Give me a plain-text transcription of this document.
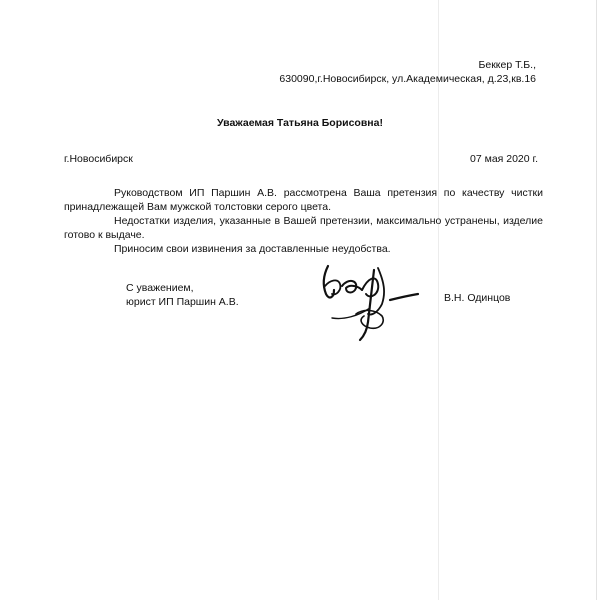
Беккер Т.Б.,
630090,г.Новосибирск, ул.Академическая, д.23,кв.16
Уважаемая Татьяна Борисовна!
г.Новосибирск	07 мая 2020 г.

Руководством ИП Паршин А.В. рассмотрена Ваша претензия по качеству чистки принадлежащей Вам мужской толстовки серого цвета.

Недостатки изделия, указанные в Вашей претензии, максимально устранены, изделие готово к выдаче.

Приносим свои извинения за доставленные неудобства.

С уважением,
юрист ИП Паршин А.В.	В.Н. Одинцов
